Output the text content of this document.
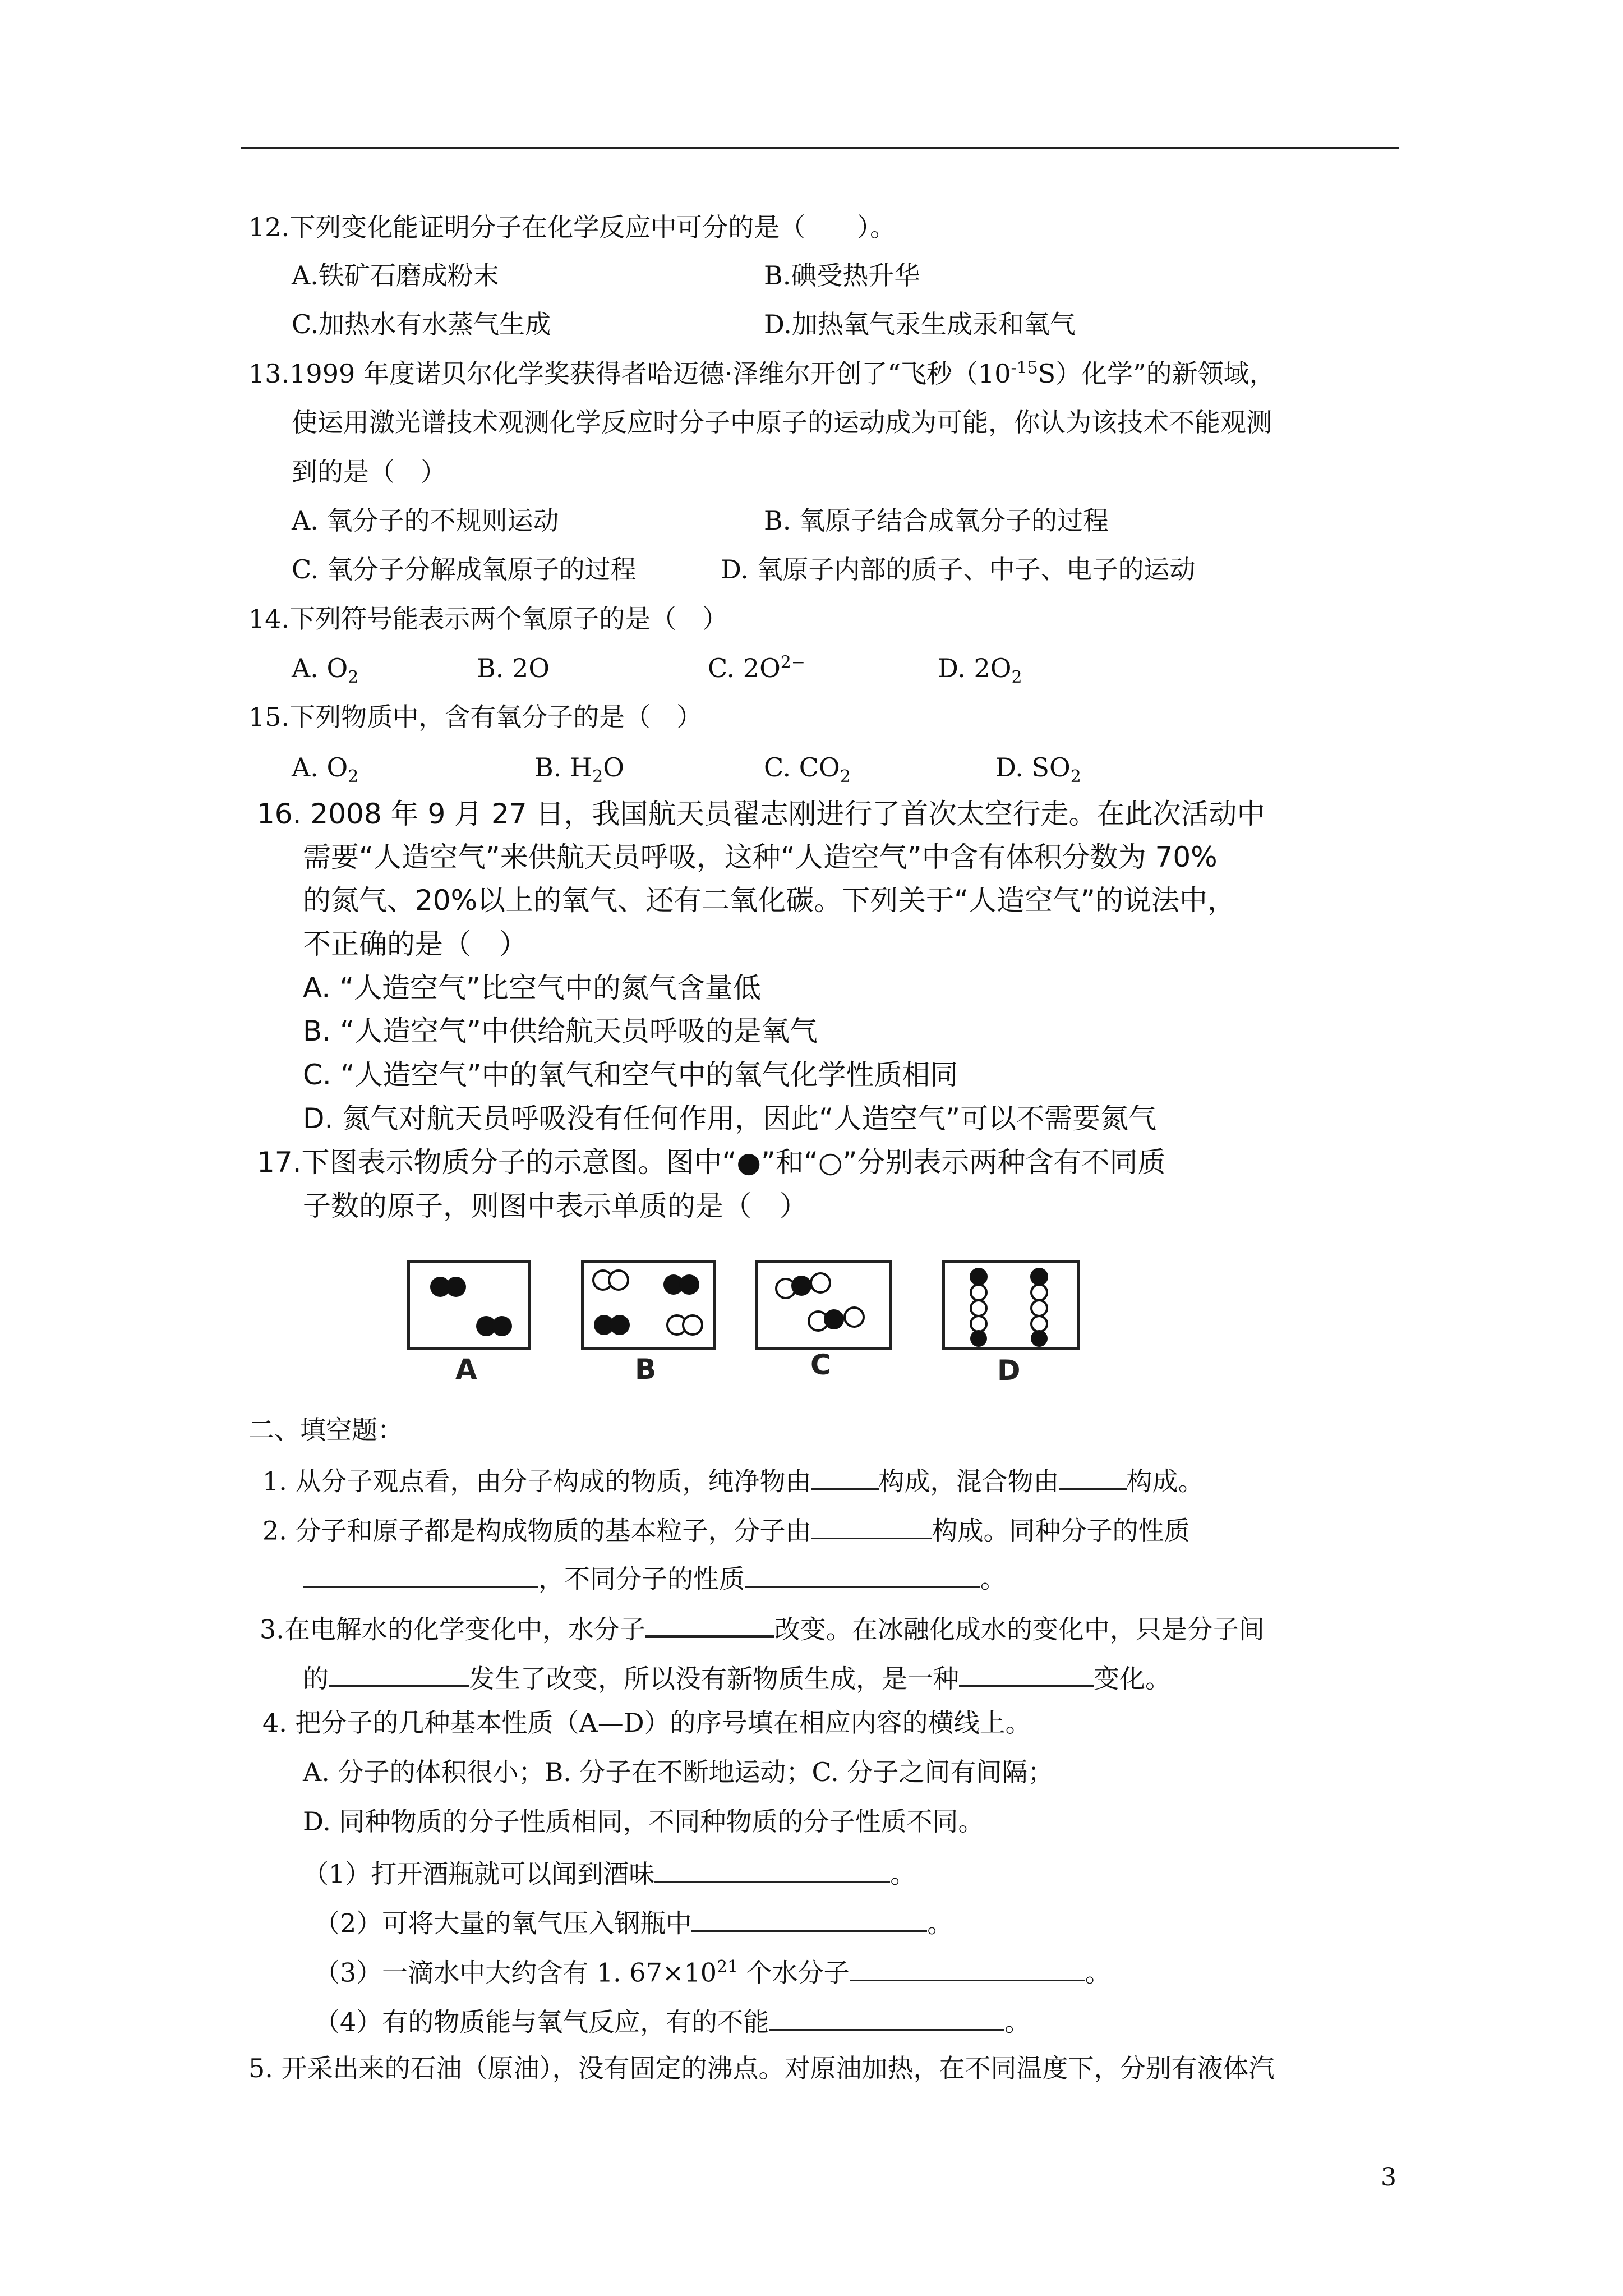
12.下列变化能证明分子在化学反应中可分的是（　　）。
A.铁矿石磨成粉末	B.碘受热升华
C.加热水有水蒸气生成	D.加热氧气汞生成汞和氧气
13.1999 年度诺贝尔化学奖获得者哈迈德·泽维尔开创了“飞秒$(10^{-15}S)$化学”的新领域，
使运用激光谱技术观测化学反应时分子中原子的运动成为可能，你认为该技术不能观测
到的是（　）
A. 氧分子的不规则运动	B. 氧原子结合成氧分子的过程
C. 氧分子分解成氧原子的过程	D. 氧原子内部的质子、中子、电子的运动
14.下列符号能表示两个氧原子的是（　）
A. $O_2$	B. 2O	C. $2O^{2-}$	D. $2O_2$
15.下列物质中，含有氧分子的是（　）
A. $O_2$	B. $H_2O$	C. $CO_2$	D. $SO_2$
16. 2008 年 9 月 27 日，我国航天员翟志刚进行了首次太空行走。在此次活动中
需要“人造空气”来供航天员呼吸，这种“人造空气”中含有体积分数为 70%
的氮气、20%以上的氧气、还有二氧化碳。下列关于“人造空气”的说法中，
不正确的是（　）
A. “人造空气”比空气中的氮气含量低
B. “人造空气”中供给航天员呼吸的是氧气
C. “人造空气”中的氧气和空气中的氧气化学性质相同
D. 氮气对航天员呼吸没有任何作用，因此“人造空气”可以不需要氮气
17.下图表示物质分子的示意图。图中“●”和“○”分别表示两种含有不同质
子数的原子，则图中表示单质的是（　）
A	B	C	D
二、填空题：
1. 从分子观点看，由分子构成的物质，纯净物由	构成，混合物由	构成。
2. 分子和原子都是构成物质的基本粒子，分子由	构成。同种分子的性质
，不同分子的性质	。
3.在电解水的化学变化中，水分子	改变。在冰融化成水的变化中，只是分子间
的	发生了改变，所以没有新物质生成，是一种	变化。
4. 把分子的几种基本性质（A—D）的序号填在相应内容的横线上。
A. 分子的体积很小；B. 分子在不断地运动；C. 分子之间有间隔；
D. 同种物质的分子性质相同，不同种物质的分子性质不同。
（1）打开酒瓶就可以闻到酒味	。
（2）可将大量的氧气压入钢瓶中	。
（3）一滴水中大约含有 1. $67\times 10^{21}$ 个水分子	。
（4）有的物质能与氧气反应，有的不能	。
5. 开采出来的石油（原油），没有固定的沸点。对原油加热，在不同温度下，分别有液体汽
3
